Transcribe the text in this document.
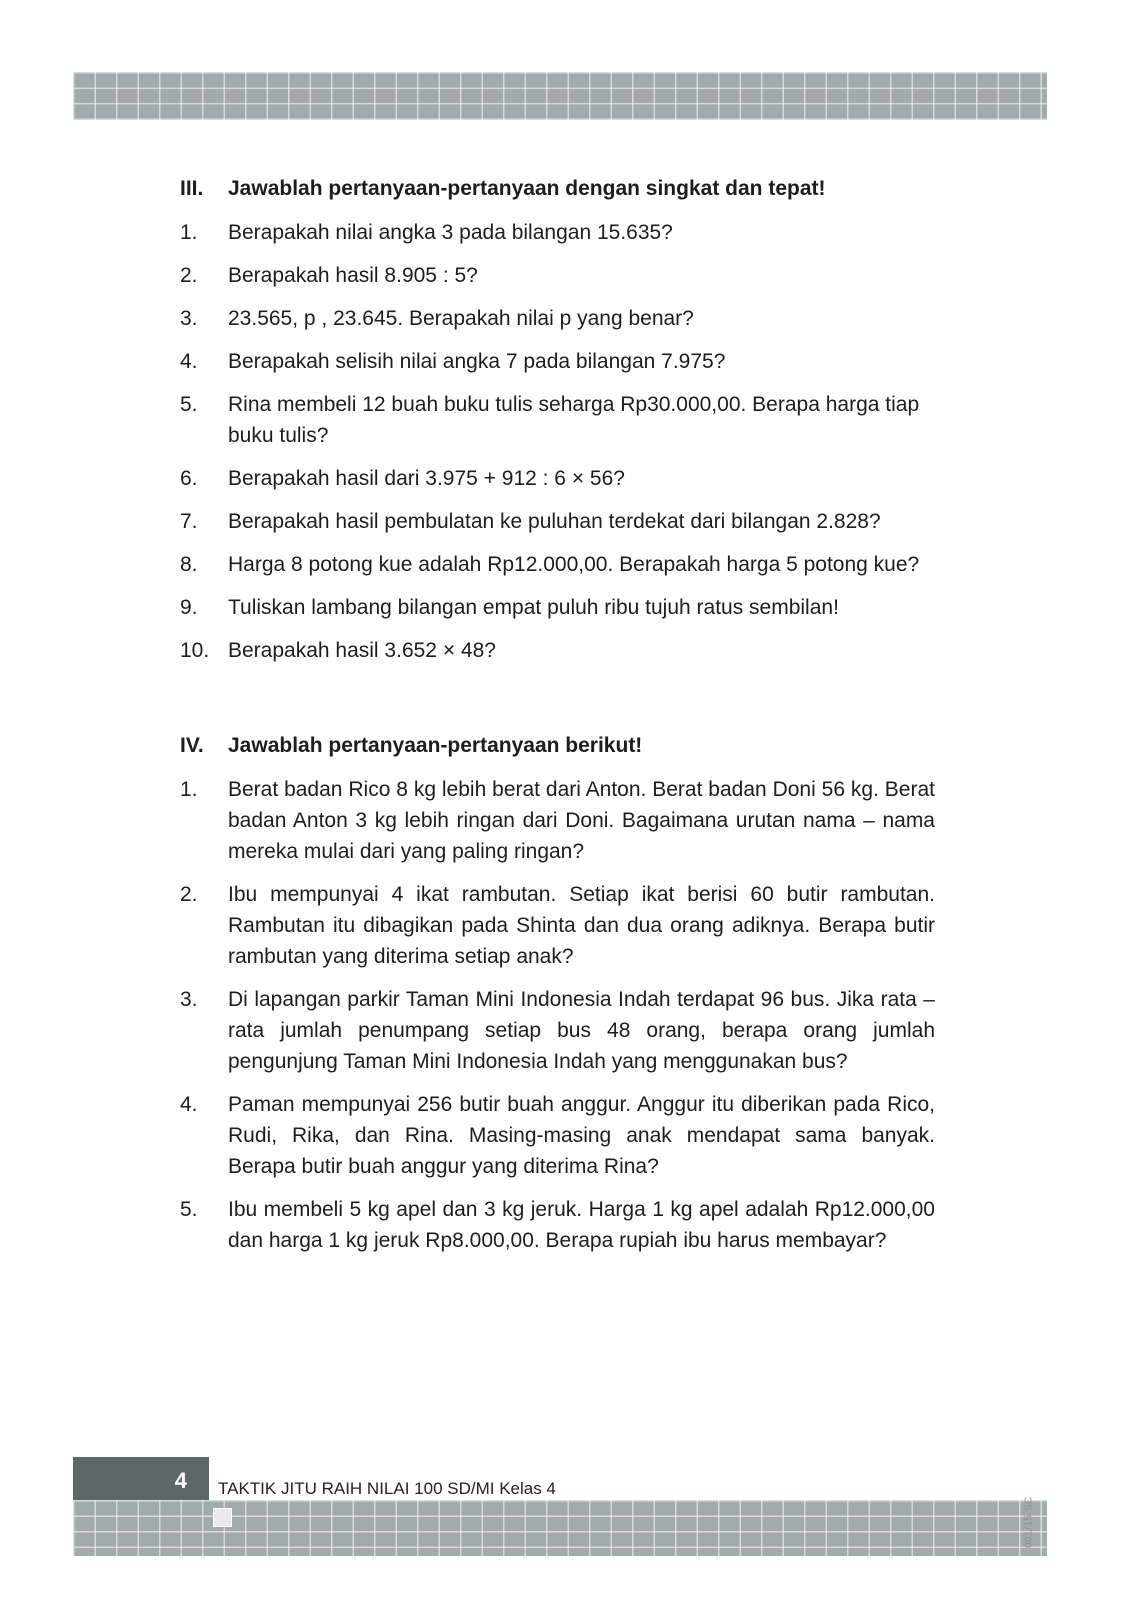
III.	Jawablah pertanyaan-pertanyaan dengan singkat dan tepat!
1.	Berapakah nilai angka 3 pada bilangan 15.635?
2.	Berapakah hasil 8.905 : 5?
3.	23.565, p , 23.645. Berapakah nilai p yang benar?
4.	Berapakah selisih nilai angka 7 pada bilangan 7.975?
5.	Rina membeli 12 buah buku tulis seharga Rp30.000,00. Berapa harga tiap buku tulis?
6.	Berapakah hasil dari 3.975 + 912 : 6 × 56?
7.	Berapakah hasil pembulatan ke puluhan terdekat dari bilangan 2.828?
8.	Harga 8 potong kue adalah Rp12.000,00. Berapakah harga 5 potong kue?
9.	Tuliskan lambang bilangan empat puluh ribu tujuh ratus sembilan!
10. Berapakah hasil 3.652 × 48?
IV.	Jawablah pertanyaan-pertanyaan berikut!
1.	Berat badan Rico 8 kg lebih berat dari Anton. Berat badan Doni 56 kg. Berat badan Anton 3 kg lebih ringan dari Doni. Bagaimana urutan nama – nama mereka mulai dari yang paling ringan?
2.	Ibu mempunyai 4 ikat rambutan. Setiap ikat berisi 60 butir rambutan. Rambutan itu dibagikan pada Shinta dan dua orang adiknya. Berapa butir rambutan yang diterima setiap anak?
3.	Di lapangan parkir Taman Mini Indonesia Indah terdapat 96 bus. Jika rata – rata jumlah penumpang setiap bus 48 orang, berapa orang jumlah pengunjung Taman Mini Indonesia Indah yang menggunakan bus?
4.	Paman mempunyai 256 butir buah anggur. Anggur itu diberikan pada Rico, Rudi, Rika, dan Rina. Masing-masing anak mendapat sama banyak. Berapa butir buah anggur yang diterima Rina?
5.	Ibu membeli 5 kg apel dan 3 kg jeruk. Harga 1 kg apel adalah Rp12.000,00 dan harga 1 kg jeruk Rp8.000,00. Berapa rupiah ibu harus membayar?
4	TAKTIK JITU RAIH NILAI 100 SD/MI Kelas 4
001/15 SC
